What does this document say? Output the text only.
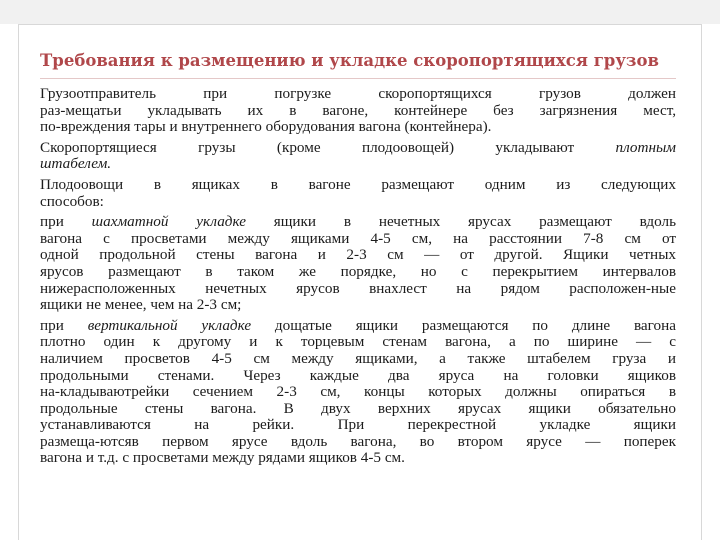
Требования к размещению и укладке скоропортящихся грузов
Грузоотправитель при погрузке скоропортящихся грузов должен
раз-мещатьи укладывать их в вагоне, контейнере без загрязнения мест,
по-вреждения тары и внутреннего оборудования вагона (контейнера).
Скоропортящиеся грузы (кроме плодоовощей) укладывают плотным
штабелем.
Плодоовощи в ящиках в вагоне размещают одним из следующих
способов:
при шахматной укладке ящики в нечетных ярусах размещают вдоль
вагона с просветами между ящиками 4-5 см, на расстоянии 7-8 см от
одной продольной стены вагона и 2-3 см — от другой. Ящики четных
ярусов размещают в таком же порядке, но с перекрытием интервалов
нижерасположенных нечетных ярусов внахлест на рядом расположен-ные
ящики не менее, чем на 2-3 см;
при вертикальной укладке дощатые ящики размещаются по длине вагона
плотно один к другому и к торцевым стенам вагона, а по ширине — с
наличием просветов 4-5 см между ящиками, а также штабелем груза и
продольными стенами. Через каждые два яруса на головки ящиков
на-кладываютрейки сечением 2-3 см, концы которых должны опираться в
продольные стены вагона. В двух верхних ярусах ящики обязательно
устанавливаются на рейки. При перекрестной укладке ящики
размеща-ютсяв первом ярусе вдоль вагона, во втором ярусе — поперек
вагона и т.д. с просветами между рядами ящиков 4-5 см.
